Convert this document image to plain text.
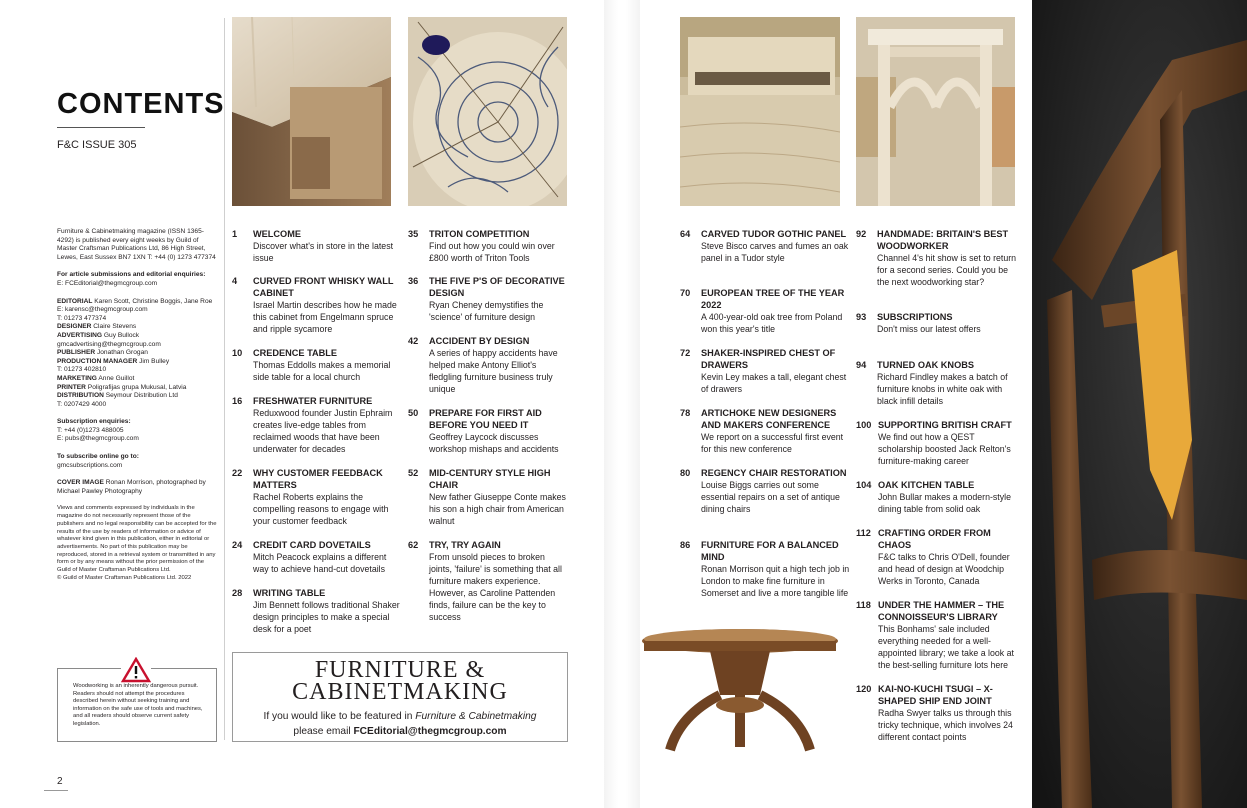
CONTENTS
F&C ISSUE 305

Furniture & Cabinetmaking magazine (ISSN 1365-4292) is published every eight weeks by Guild of Master Craftsman Publications Ltd, 86 High Street, Lewes, East Sussex BN7 1XN T: +44 (0) 1273 477374

For article submissions and editorial enquiries:

E: FCEditorial@thegmcgroup.com

EDITORIAL Karen Scott, Christine Boggis, Jane Roe

E: karensc@thegmcgroup.com

T: 01273 477374

DESIGNER Claire Stevens

ADVERTISING Guy Bullock

gmcadvertising@thegmcgroup.com

PUBLISHER Jonathan Grogan

PRODUCTION MANAGER Jim Bulley

T: 01273 402810

MARKETING Anne Guillot

PRINTER Poligrafijas grupa Mukusal, Latvia

DISTRIBUTION Seymour Distribution Ltd

T: 0207429 4000

Subscription enquiries:

T: +44 (0)1273 488005

E: pubs@thegmcgroup.com

To subscribe online go to:

gmcsubscriptions.com

COVER IMAGE Ronan Morrison, photographed by Michael Pawley Photography

Views and comments expressed by individuals in the magazine do not necessarily represent those of the publishers and no legal responsibility can be accepted for the results of the use by readers of information or advice of whatever kind given in this publication, either in editorial or advertisements. No part of this publication may be reproduced, stored in a retrieval system or transmitted in any form or by any means without the prior permission of the Guild of Master Craftsman Publications Ltd.

© Guild of Master Craftsman Publications Ltd. 2022

Woodworking is an inherently dangerous pursuit. Readers should not attempt the procedures described herein without seeking training and information on the safe use of tools and machines, and all readers should observe current safety legislation.
2
1 WELCOME
Discover what's in store in the latest issue
4 CURVED FRONT WHISKY WALL CABINET
Israel Martin describes how he made this cabinet from Engelmann spruce and ripple sycamore
10 CREDENCE TABLE
Thomas Eddolls makes a memorial side table for a local church
16 FRESHWATER FURNITURE
Reduxwood founder Justin Ephraim creates live-edge tables from reclaimed woods that have been underwater for decades
22 WHY CUSTOMER FEEDBACK MATTERS
Rachel Roberts explains the compelling reasons to engage with your customer feedback
24 CREDIT CARD DOVETAILS
Mitch Peacock explains a different way to achieve hand-cut dovetails
28 WRITING TABLE
Jim Bennett follows traditional Shaker design principles to make a special desk for a poet
35 TRITON COMPETITION
Find out how you could win over £800 worth of Triton Tools
36 THE FIVE P'S OF DECORATIVE DESIGN
Ryan Cheney demystifies the 'science' of furniture design
42 ACCIDENT BY DESIGN
A series of happy accidents have helped make Antony Elliot's fledgling furniture business truly unique
50 PREPARE FOR FIRST AID BEFORE YOU NEED IT
Geoffrey Laycock discusses workshop mishaps and accidents
52 MID-CENTURY STYLE HIGH CHAIR
New father Giuseppe Conte makes his son a high chair from American walnut
62 TRY, TRY AGAIN
From unsold pieces to broken joints, 'failure' is something that all furniture makers experience. However, as Caroline Pattenden finds, failure can be the key to success
FURNITURE &
CABINETMAKING
If you would like to be featured in Furniture & Cabinetmaking
please email FCEditorial@thegmcgroup.com
64 CARVED TUDOR GOTHIC PANEL
Steve Bisco carves and fumes an oak panel in a Tudor style
70 EUROPEAN TREE OF THE YEAR 2022
A 400-year-old oak tree from Poland won this year's title
72 SHAKER-INSPIRED CHEST OF DRAWERS
Kevin Ley makes a tall, elegant chest of drawers
78 ARTICHOKE NEW DESIGNERS AND MAKERS CONFERENCE
We report on a successful first event for this new conference
80 REGENCY CHAIR RESTORATION
Louise Biggs carries out some essential repairs on a set of antique dining chairs
86 FURNITURE FOR A BALANCED MIND
Ronan Morrison quit a high tech job in London to make fine furniture in Somerset and live a more tangible life
92 HANDMADE: BRITAIN'S BEST WOODWORKER
Channel 4's hit show is set to return for a second series. Could you be the next woodworking star?
93 SUBSCRIPTIONS
Don't miss our latest offers
94 TURNED OAK KNOBS
Richard Findley makes a batch of furniture knobs in white oak with black infill details
100 SUPPORTING BRITISH CRAFT
We find out how a QEST scholarship boosted Jack Relton's furniture-making career
104 OAK KITCHEN TABLE
John Bullar makes a modern-style dining table from solid oak
112 CRAFTING ORDER FROM CHAOS
F&C talks to Chris O'Dell, founder and head of design at Woodchip Werks in Toronto, Canada
118 UNDER THE HAMMER – THE CONNOISSEUR'S LIBRARY
This Bonhams' sale included everything needed for a well-appointed library; we take a look at the best-selling furniture lots here
120 KAI-NO-KUCHI TSUGI – X-SHAPED SHIP END JOINT
Radha Swyer talks us through this tricky technique, which involves 24 different contact points
